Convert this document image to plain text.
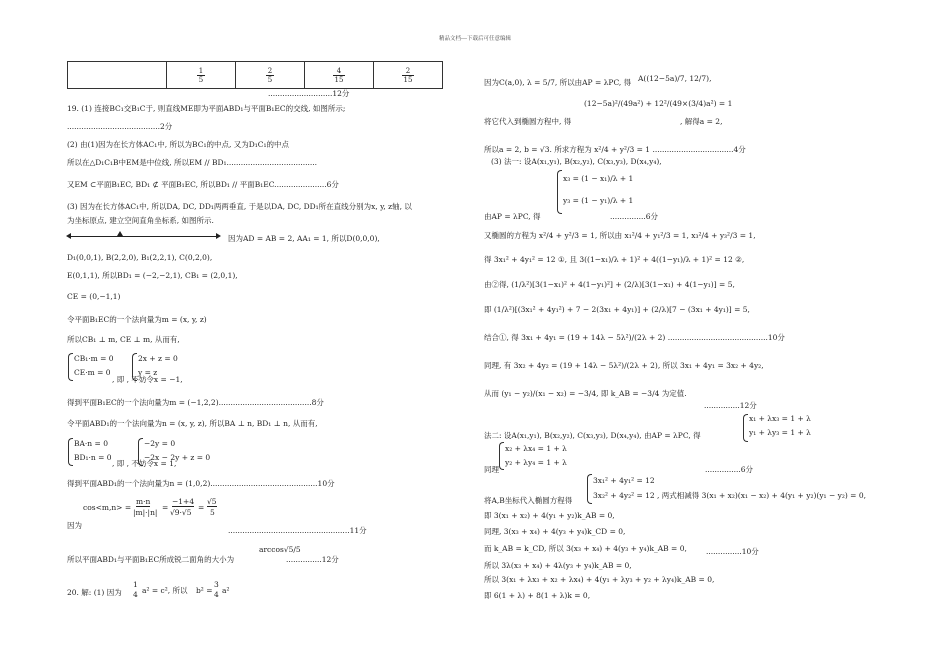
精品文档---下载后可任意编辑

$\frac{1}{5}$	$\frac{2}{5}$	$\frac{4}{15}$	$\frac{2}{15}$
...........................12分
19. (1) 连接BC₁交B₁C于, 则直线ME即为平面ABD₁与平面B₁EC的交线, 如图所示;
.......................................2分
(2) 由(1)因为在长方体AC₁中, 所以为BC₁的中点, 又为D₁C₁的中点
所以在△D₁C₁B中EM是中位线, 所以EM // BD₁......................................
又EM ⊂平面B₁EC, BD₁ ⊄ 平面B₁EC, 所以BD₁ // 平面B₁EC......................6分
(3) 因为在长方体AC₁中, 所以DA, DC, DD₁两两垂直, 于是以DA, DC, DD₁所在直线分别为x, y, z轴, 以
为坐标原点, 建立空间直角坐标系, 如图所示.
因为AD = AB = 2, AA₁ = 1, 所以D(0,0,0),
D₁(0,0,1), B(2,2,0), B₁(2,2,1), C(0,2,0),
E(0,1,1), 所以BD₁ = (−2,−2,1), CB₁ = (2,0,1),
CE = (0,−1,1)
令平面B₁EC的一个法向量为m = (x, y, z)
所以CB₁ ⊥ m, CE ⊥ m, 从而有,
CB₁·m = 0
CE·m = 0
2x + z = 0
y = z
, 即 , 不妨令x = −1,
得到平面B₁EC的一个法向量为m = (−1,2,2).......................................8分
令平面ABD₁的一个法向量为n = (x, y, z), 所以BA ⊥ n, BD₁ ⊥ n, 从而有,
BA·n = 0
BD₁·n = 0
−2y = 0
−2x − 2y + z = 0
, 即 , 不妨令x = 1,
得到平面ABD₁的一个法向量为n = (1,0,2).............................................10分
cos<m,n> =
m·n
|m|·|n|
=
−1+4
√9·√5
=
√5
5
因为
...................................................11分
所以平面ABD₁与平面B₁EC所成锐二面角的大小为
arccos√5/5
...............12分
20. 解: (1) 因为
1
4 a² = c², 所以 b² =
3
4 a²
因为C(a,0), λ = 5/7, 所以由AP = λPC, 得 A((12−5a)/7, 12/7),
(12−5a)²/(49a²) + 12²/(49×(3/4)a²) = 1
将它代入到椭圆方程中, 得	, 解得a = 2,
所以a = 2, b = √3. 所求方程为 x²/4 + y²/3 = 1 ..................................4分
(3) 法一: 设A(x₁,y₁), B(x₂,y₂), C(x₃,y₃), D(x₄,y₄),
x₃ = (1 − x₁)/λ + 1
y₃ = (1 − y₁)/λ + 1
由AP = λPC, 得	...............6分
又椭圆的方程为 x²/4 + y²/3 = 1, 所以由 x₁²/4 + y₁²/3 = 1, x₃²/4 + y₃²/3 = 1,
得 3x₁² + 4y₁² = 12 ①, 且 3((1−x₁)/λ + 1)² + 4((1−y₁)/λ + 1)² = 12 ②,
由②得, (1/λ²)[3(1−x₁)² + 4(1−y₁)²] + (2/λ)[3(1−x₁) + 4(1−y₁)] = 5,
即 (1/λ²)[(3x₁² + 4y₁²) + 7 − 2(3x₁ + 4y₁)] + (2/λ)[7 − (3x₁ + 4y₁)] = 5,
结合①, 得 3x₁ + 4y₁ = (19 + 14λ − 5λ²)/(2λ + 2) ..........................................10分
同理, 有 3x₂ + 4y₂ = (19 + 14λ − 5λ²)/(2λ + 2), 所以 3x₁ + 4y₁ = 3x₂ + 4y₂,
从而 (y₁ − y₂)/(x₁ − x₂) = −3/4, 即 k_AB = −3/4 为定值.
...............12分
法二: 设A(x₁,y₁), B(x₂,y₂), C(x₃,y₃), D(x₄,y₄), 由AP = λPC, 得
x₁ + λx₃ = 1 + λ
y₁ + λy₃ = 1 + λ
x₂ + λx₄ = 1 + λ
y₂ + λy₄ = 1 + λ
同理	...............6分
3x₁² + 4y₁² = 12
3x₂² + 4y₂² = 12
将A,B坐标代入椭圆方程得
, 两式相减得 3(x₁ + x₂)(x₁ − x₂) + 4(y₁ + y₂)(y₁ − y₂) = 0,
即 3(x₁ + x₂) + 4(y₁ + y₂)k_AB = 0,
同理, 3(x₃ + x₄) + 4(y₃ + y₄)k_CD = 0,
而 k_AB = k_CD, 所以 3(x₃ + x₄) + 4(y₃ + y₄)k_AB = 0,	...............10分
所以 3λ(x₃ + x₄) + 4λ(y₃ + y₄)k_AB = 0,
所以 3(x₁ + λx₃ + x₂ + λx₄) + 4(y₁ + λy₃ + y₂ + λy₄)k_AB = 0,
即 6(1 + λ) + 8(1 + λ)k = 0,
